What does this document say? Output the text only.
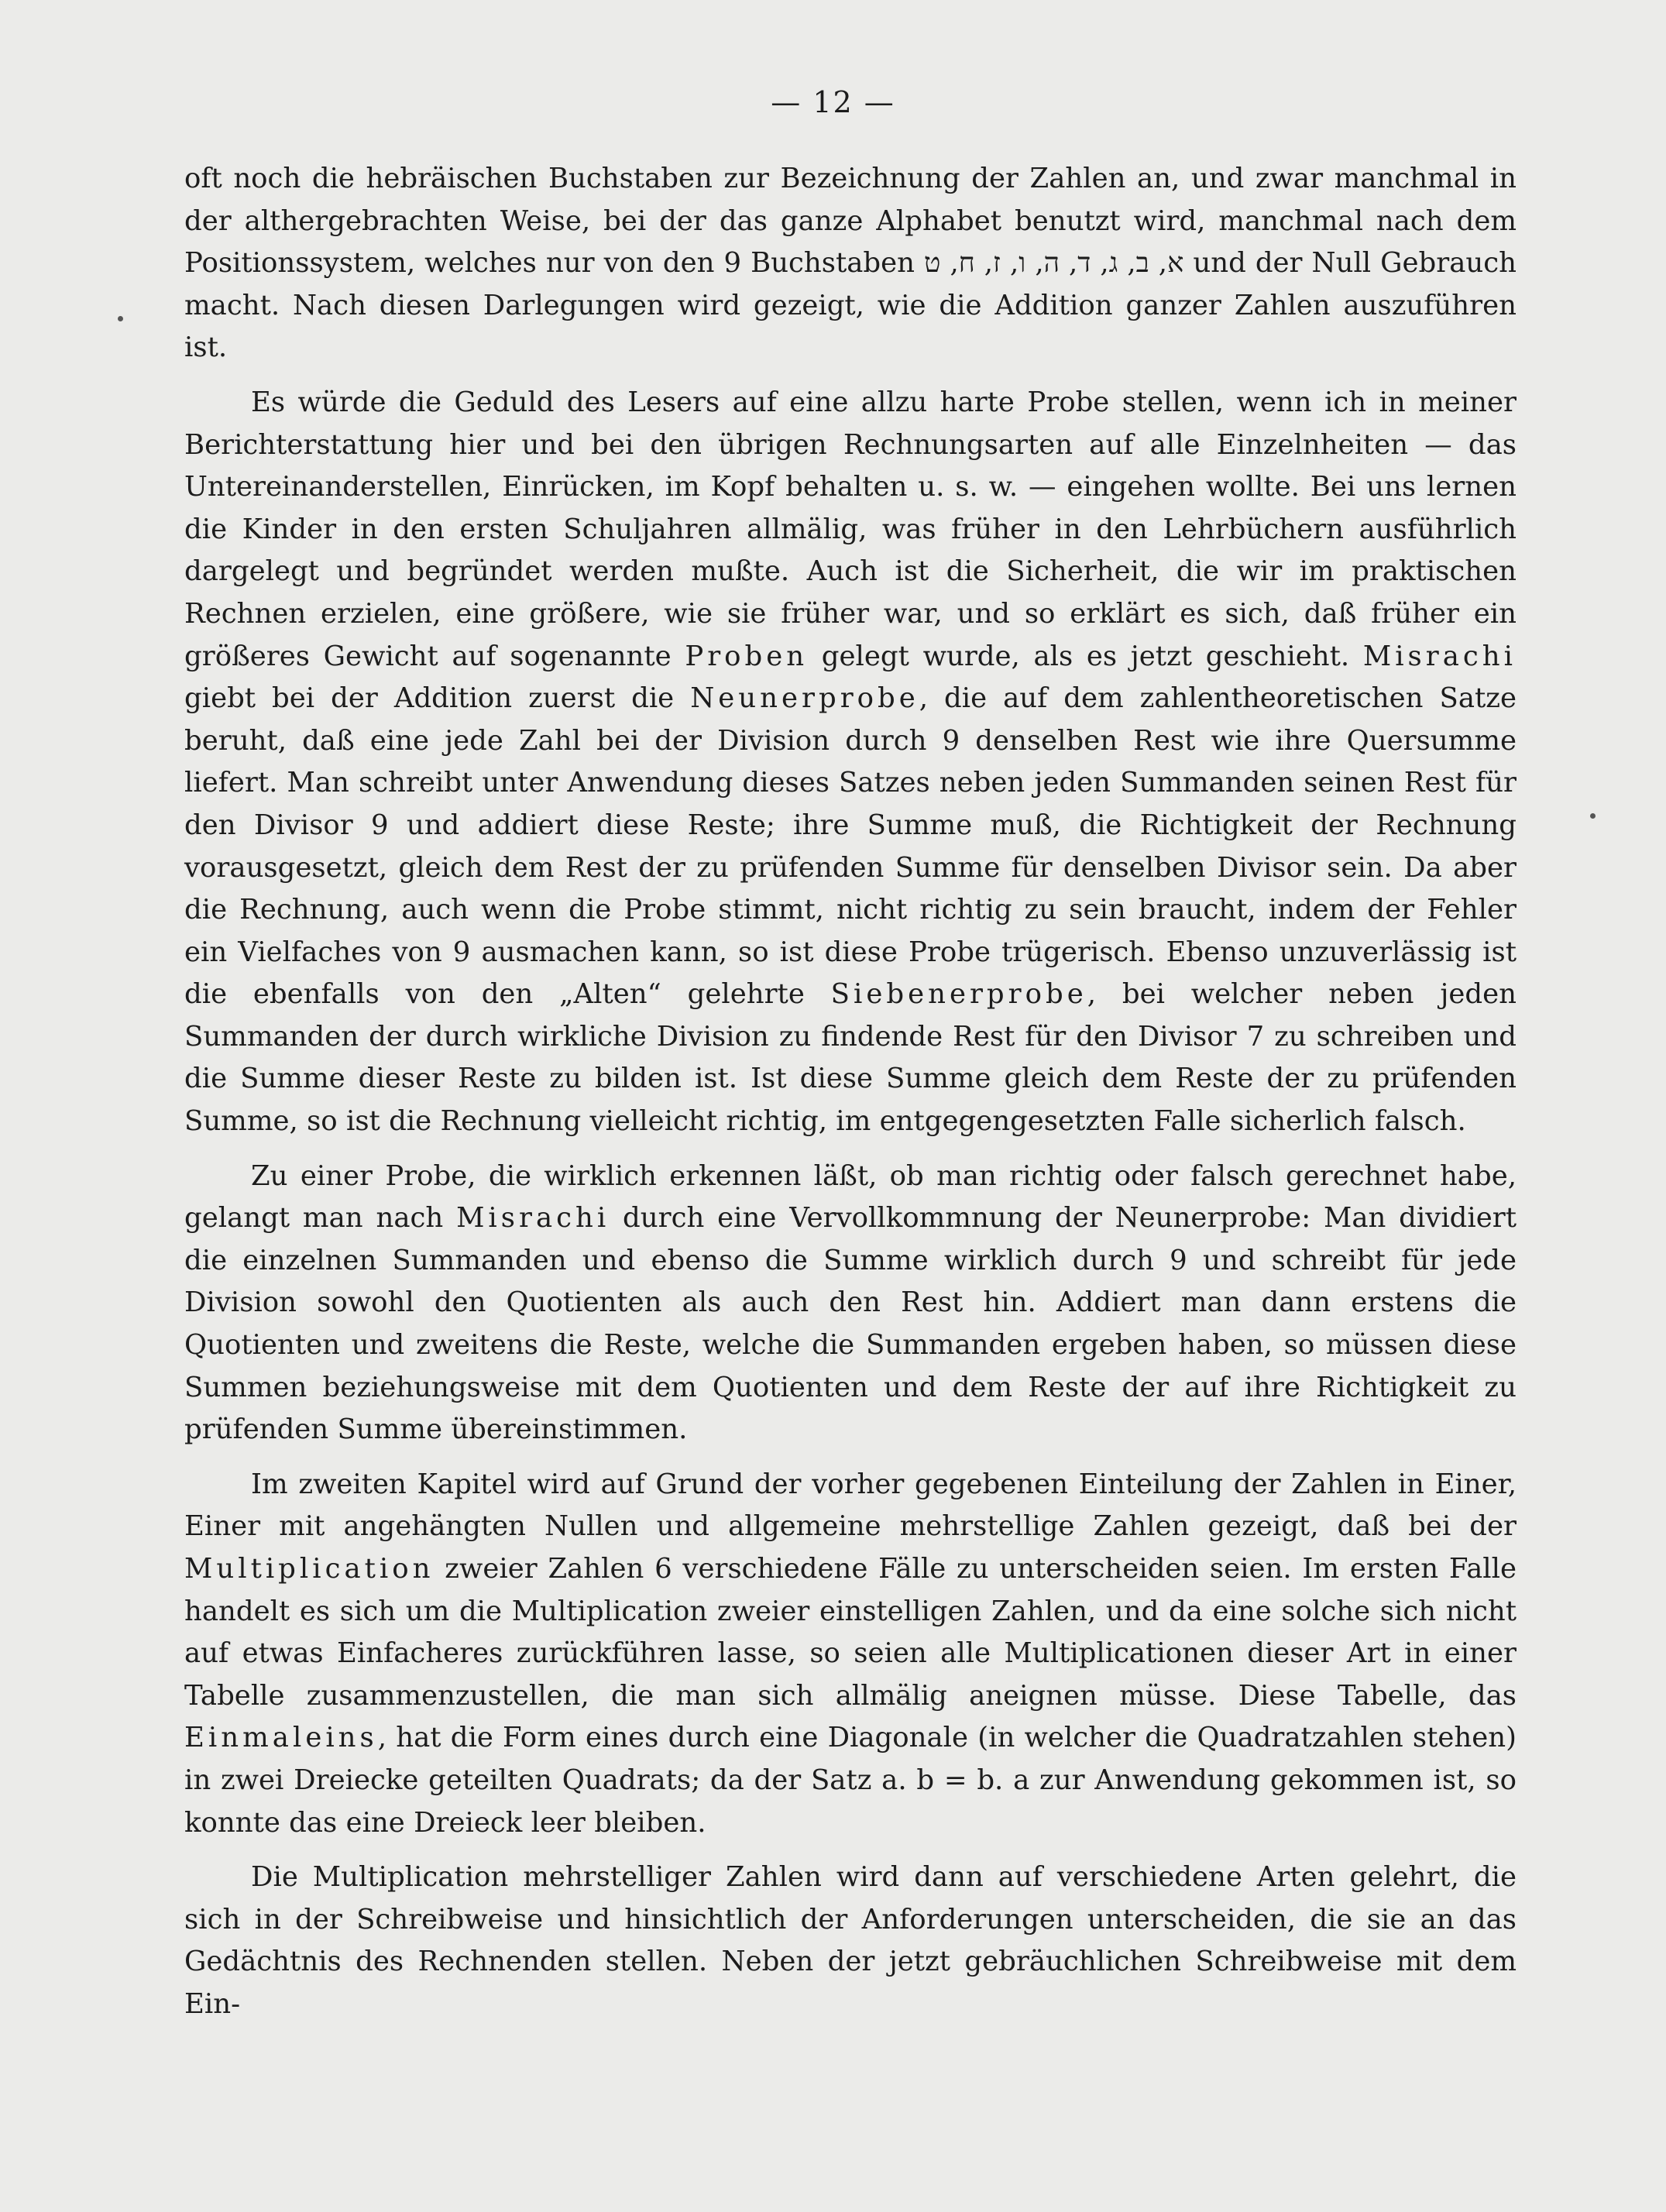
— 12 —

oft noch die hebräischen Buchstaben zur Bezeichnung der Zahlen an, und zwar manchmal in der althergebrachten Weise, bei der das ganze Alphabet benutzt wird, manchmal nach dem Positionssystem, welches nur von den 9 Buchstaben א, ב, ג, ד, ה, ו, ז, ח, ט und der Null Gebrauch macht. Nach diesen Darlegungen wird gezeigt, wie die Addition ganzer Zahlen auszuführen ist.

Es würde die Geduld des Lesers auf eine allzu harte Probe stellen, wenn ich in meiner Berichterstattung hier und bei den übrigen Rechnungsarten auf alle Einzelnheiten — das Untereinanderstellen, Einrücken, im Kopf behalten u. s. w. — eingehen wollte. Bei uns lernen die Kinder in den ersten Schuljahren allmälig, was früher in den Lehrbüchern ausführlich dargelegt und begründet werden mußte. Auch ist die Sicherheit, die wir im praktischen Rechnen erzielen, eine größere, wie sie früher war, und so erklärt es sich, daß früher ein größeres Gewicht auf sogenannte Proben gelegt wurde, als es jetzt geschieht. Misrachi giebt bei der Addition zuerst die Neunerprobe, die auf dem zahlentheoretischen Satze beruht, daß eine jede Zahl bei der Division durch 9 denselben Rest wie ihre Quersumme liefert. Man schreibt unter Anwendung dieses Satzes neben jeden Summanden seinen Rest für den Divisor 9 und addiert diese Reste; ihre Summe muß, die Richtigkeit der Rechnung vorausgesetzt, gleich dem Rest der zu prüfenden Summe für denselben Divisor sein. Da aber die Rechnung, auch wenn die Probe stimmt, nicht richtig zu sein braucht, indem der Fehler ein Vielfaches von 9 ausmachen kann, so ist diese Probe trügerisch. Ebenso unzuverlässig ist die ebenfalls von den „Alten“ gelehrte Siebenerprobe, bei welcher neben jeden Summanden der durch wirkliche Division zu findende Rest für den Divisor 7 zu schreiben und die Summe dieser Reste zu bilden ist. Ist diese Summe gleich dem Reste der zu prüfenden Summe, so ist die Rechnung vielleicht richtig, im entgegengesetzten Falle sicherlich falsch.

Zu einer Probe, die wirklich erkennen läßt, ob man richtig oder falsch gerechnet habe, gelangt man nach Misrachi durch eine Vervollkommnung der Neunerprobe: Man dividiert die einzelnen Summanden und ebenso die Summe wirklich durch 9 und schreibt für jede Division sowohl den Quotienten als auch den Rest hin. Addiert man dann erstens die Quotienten und zweitens die Reste, welche die Summanden ergeben haben, so müssen diese Summen beziehungsweise mit dem Quotienten und dem Reste der auf ihre Richtigkeit zu prüfenden Summe übereinstimmen.

Im zweiten Kapitel wird auf Grund der vorher gegebenen Einteilung der Zahlen in Einer, Einer mit angehängten Nullen und allgemeine mehrstellige Zahlen gezeigt, daß bei der Multiplication zweier Zahlen 6 verschiedene Fälle zu unterscheiden seien. Im ersten Falle handelt es sich um die Multiplication zweier einstelligen Zahlen, und da eine solche sich nicht auf etwas Einfacheres zurückführen lasse, so seien alle Multiplicationen dieser Art in einer Tabelle zusammenzustellen, die man sich allmälig aneignen müsse. Diese Tabelle, das Einmaleins, hat die Form eines durch eine Diagonale (in welcher die Quadratzahlen stehen) in zwei Dreiecke geteilten Quadrats; da der Satz a. b = b. a zur Anwendung gekommen ist, so konnte das eine Dreieck leer bleiben.

Die Multiplication mehrstelliger Zahlen wird dann auf verschiedene Arten gelehrt, die sich in der Schreibweise und hinsichtlich der Anforderungen unterscheiden, die sie an das Gedächtnis des Rechnenden stellen. Neben der jetzt gebräuchlichen Schreibweise mit dem Ein-
